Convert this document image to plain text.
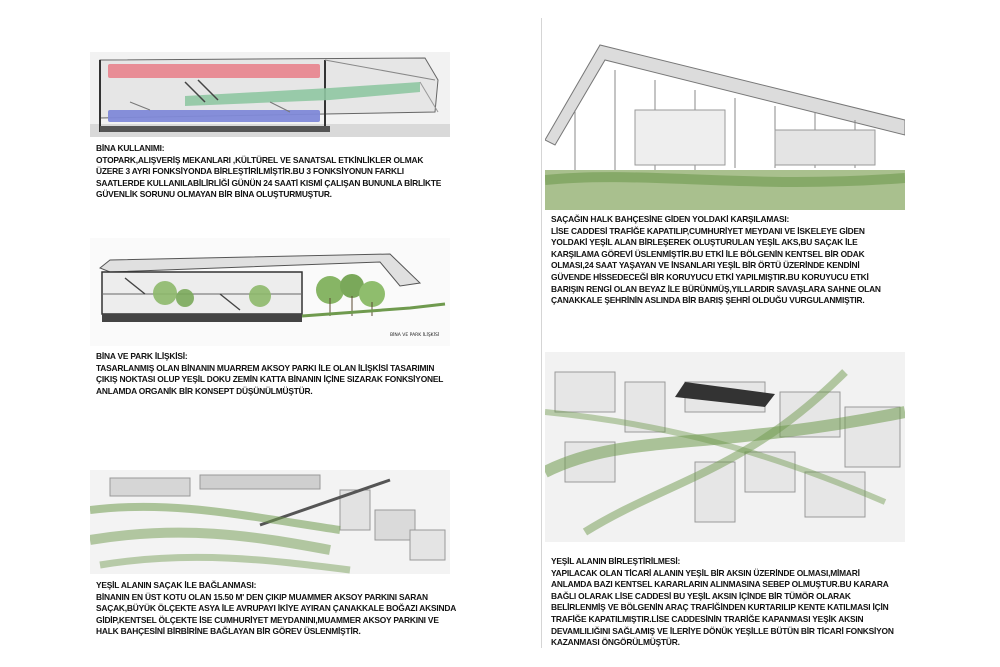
BİNA KULLANIMI:
OTOPARK,ALIŞVERİŞ MEKANLARI ,KÜLTÜREL VE SANATSAL ETKİNLİKLER OLMAK ÜZERE 3 AYRI FONKSİYONDA BİRLEŞTİRİLMİŞTİR.BU 3 FONKSİYONUN FARKLI SAATLERDE KULLANILABİLİRLİĞİ GÜNÜN 24 SAATİ KISMİ ÇALIŞAN BUNUNLA BİRLİKTE GÜVENLİK SORUNU OLMAYAN BİR BİNA OLUŞTURMUŞTUR.
BİNA VE PARK İLİŞKİSİ
BİNA VE PARK İLİŞKİSİ:
TASARLANMIŞ OLAN BİNANIN MUARREM AKSOY PARKI İLE OLAN İLİŞKİSİ TASARIMIN ÇIKIŞ NOKTASI OLUP YEŞİL DOKU ZEMİN KATTA BİNANIN İÇİNE SIZARAK FONKSİYONEL ANLAMDA ORGANİK BİR KONSEPT DÜŞÜNÜLMÜŞTÜR.
YEŞİL ALANIN SAÇAK İLE BAĞLANMASI:
BİNANIN EN ÜST KOTU OLAN 15.50 M' DEN ÇIKIP MUAMMER AKSOY PARKINI SARAN SAÇAK,BÜYÜK ÖLÇEKTE ASYA İLE AVRUPAYI İKİYE AYIRAN ÇANAKKALE BOĞAZI AKSINDA GİDİP,KENTSEL ÖLÇEKTE İSE CUMHURİYET MEYDANINI,MUAMMER AKSOY PARKINI VE HALK BAHÇESİNİ BİRBİRİNE BAĞLAYAN BİR GÖREV ÜSLENMİŞTİR.
SAÇAĞIN HALK BAHÇESİNE GİDEN YOLDAKİ KARŞILAMASI:
LİSE CADDESİ TRAFİĞE KAPATILIP,CUMHURİYET MEYDANI VE İSKELEYE GİDEN YOLDAKİ YEŞİL ALAN BİRLEŞEREK OLUŞTURULAN YEŞİL AKS,BU SAÇAK İLE KARŞILAMA GÖREVİ ÜSLENMİŞTİR.BU ETKİ İLE BÖLGENİN KENTSEL BİR ODAK OLMASI,24 SAAT YAŞAYAN VE İNSANLARI YEŞİL BİR ÖRTÜ ÜZERİNDE KENDİNİ GÜVENDE HİSSEDECEĞİ BİR KORUYUCU ETKİ YAPILMIŞTIR.BU KORUYUCU ETKİ BARIŞIN RENGİ OLAN BEYAZ İLE BÜRÜNMÜŞ,YILLARDIR SAVAŞLARA SAHNE OLAN ÇANAKKALE ŞEHRİNİN ASLINDA BİR BARIŞ ŞEHRİ OLDUĞU VURGULANMIŞTIR.
YEŞİL ALANIN BİRLEŞTİRİLMESİ:
YAPILACAK OLAN TİCARİ ALANIN YEŞİL BİR AKSIN ÜZERİNDE OLMASI,MİMARİ ANLAMDA BAZI KENTSEL KARARLARIN ALINMASINA SEBEP OLMUŞTUR.BU KARARA BAĞLI OLARAK LİSE CADDESİ BU YEŞİL AKSIN İÇİNDE BİR TÜMÖR OLARAK BELİRLENMİŞ VE BÖLGENİN ARAÇ TRAFİĞİNDEN KURTARILIP KENTE KATILMASI İÇİN TRAFİĞE KAPATILMIŞTIR.LİSE CADDESİNİN TRARİĞE KAPANMASI YEŞİK AKSIN DEVAMLILIĞINI SAĞLAMIŞ VE İLERİYE DÖNÜK YEŞİLLE BÜTÜN BİR TİCARİ FONKSİYON KAZANMASI ÖNGÖRÜLMÜŞTÜR.
